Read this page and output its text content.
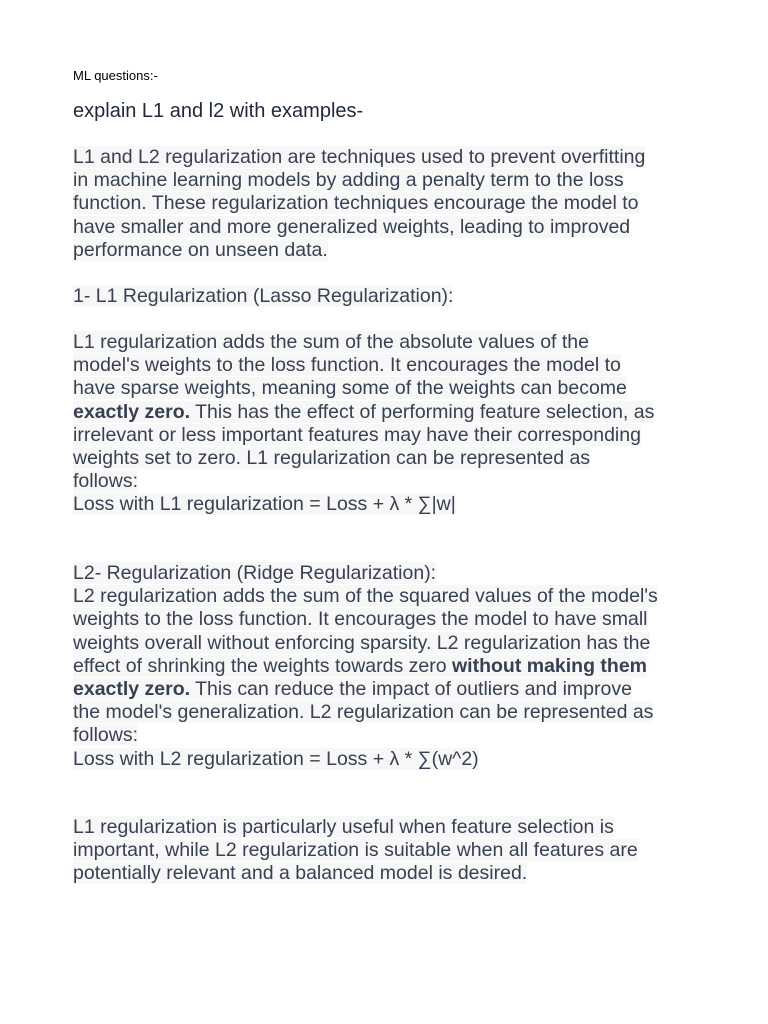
ML questions:-
explain L1 and l2 with examples-
L1 and L2 regularization are techniques used to prevent overfitting
in machine learning models by adding a penalty term to the loss
function. These regularization techniques encourage the model to
have smaller and more generalized weights, leading to improved
performance on unseen data.
1- L1 Regularization (Lasso Regularization):
L1 regularization adds the sum of the absolute values of the
model's weights to the loss function. It encourages the model to
have sparse weights, meaning some of the weights can become
exactly zero. This has the effect of performing feature selection, as
irrelevant or less important features may have their corresponding
weights set to zero. L1 regularization can be represented as
follows:
Loss with L1 regularization = Loss + λ * ∑|w|
L2- Regularization (Ridge Regularization):
L2 regularization adds the sum of the squared values of the model's
weights to the loss function. It encourages the model to have small
weights overall without enforcing sparsity. L2 regularization has the
effect of shrinking the weights towards zero without making them
exactly zero. This can reduce the impact of outliers and improve
the model's generalization. L2 regularization can be represented as
follows:
Loss with L2 regularization = Loss + λ * ∑(w^2)
L1 regularization is particularly useful when feature selection is
important, while L2 regularization is suitable when all features are
potentially relevant and a balanced model is desired.
